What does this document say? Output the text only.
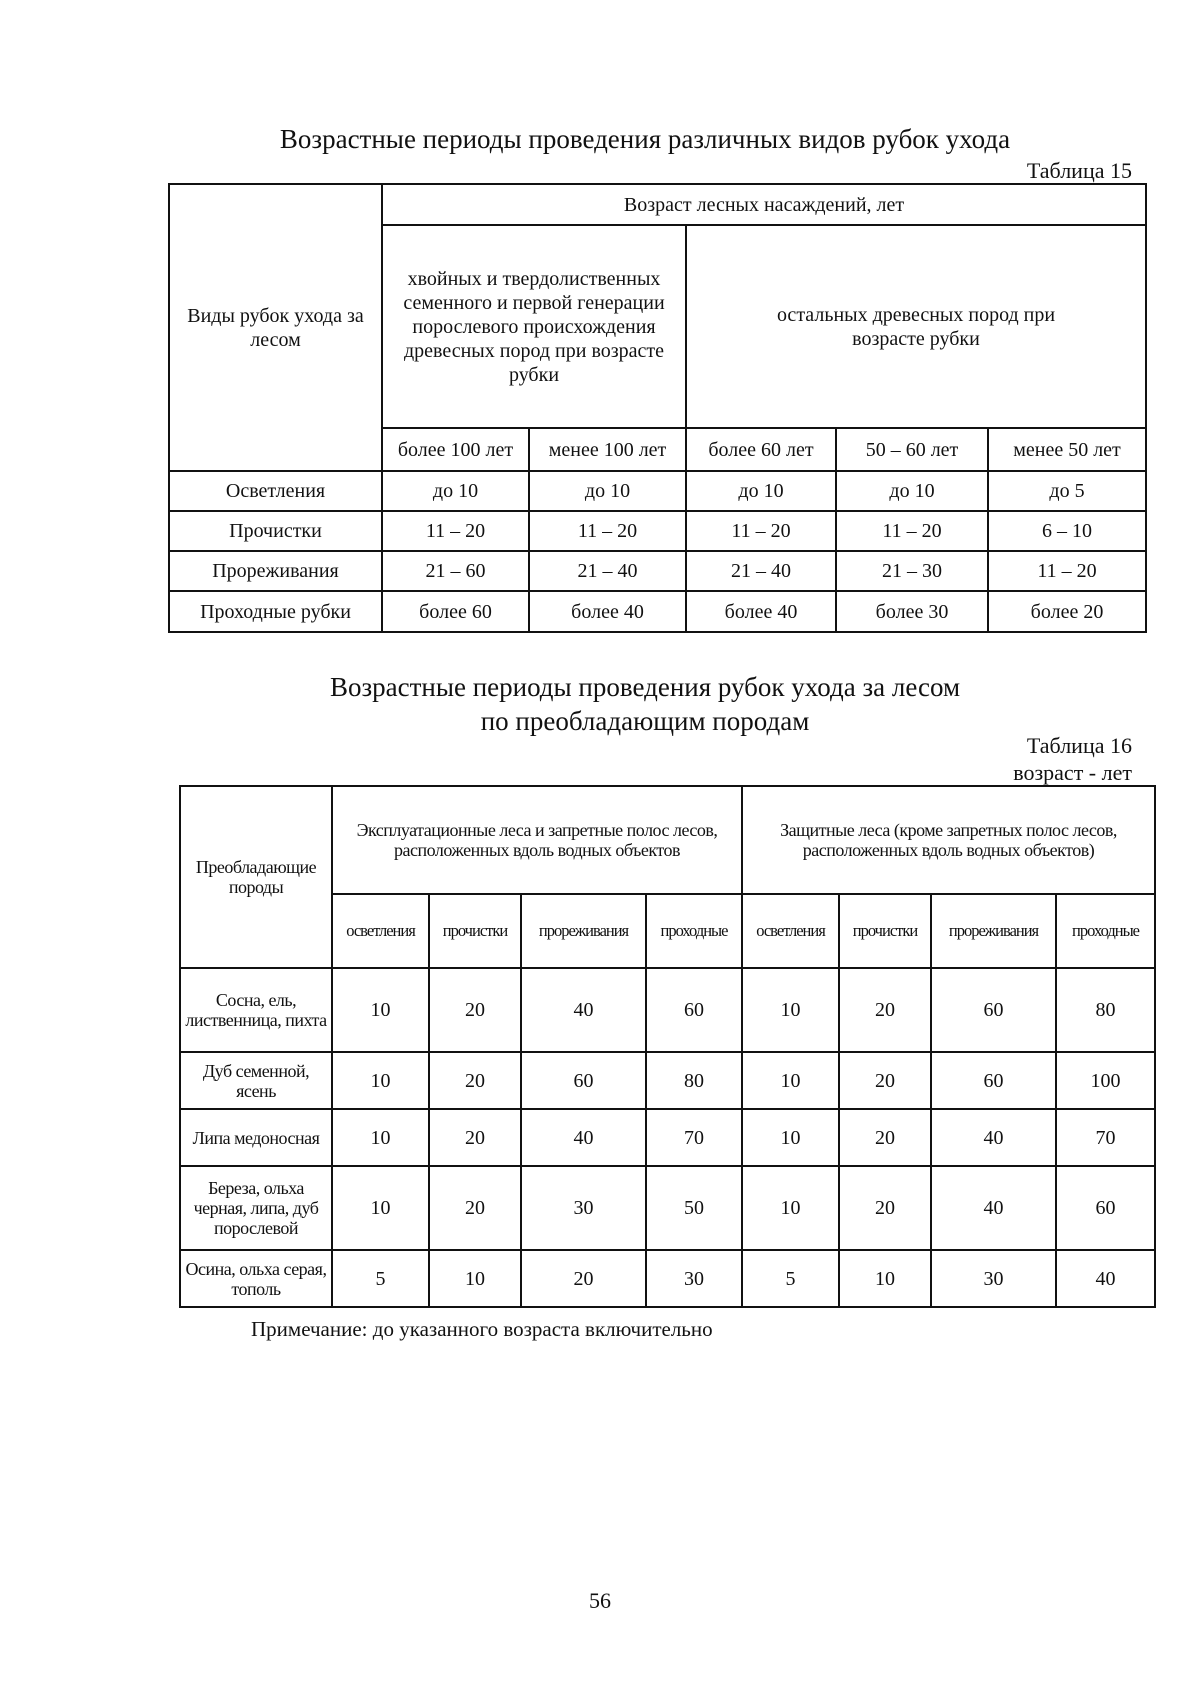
Возрастные периоды проведения различных видов рубок ухода
Таблица 15
Виды рубок ухода за лесом	Возраст лесных насаждений, лет				
	хвойных и твердолиственных семенного и первой генерации порослевого происхождения древесных пород при возрасте рубки		остальных древесных пород при возрасте рубки		
	более 100 лет	менее 100 лет	более 60 лет	50 – 60 лет	менее 50 лет
Осветления	до 10	до 10	до 10	до 10	до 5
Прочистки	11 – 20	11 – 20	11 – 20	11 – 20	6 – 10
Прореживания	21 – 60	21 – 40	21 – 40	21 – 30	11 – 20
Проходные рубки	более 60	более 40	более 40	более 30	более 20
Возрастные периоды проведения рубок ухода за лесом
по преобладающим породам
Таблица 16
возраст - лет
Преобладающие породы	Эксплуатационные леса и запретные полос лесов, расположенных вдоль водных объектов				Защитные леса (кроме запретных полос лесов, расположенных вдоль водных объектов)			
	осветления	прочистки	прореживания	проходные	осветления	прочистки	прореживания	проходные
Сосна, ель, лиственница, пихта	10	20	40	60	10	20	60	80
Дуб семенной, ясень	10	20	60	80	10	20	60	100
Липа медоносная	10	20	40	70	10	20	40	70
Береза, ольха черная, липа, дуб порослевой	10	20	30	50	10	20	40	60
Осина, ольха серая, тополь	5	10	20	30	5	10	30	40
Примечание: до указанного возраста включительно
56
